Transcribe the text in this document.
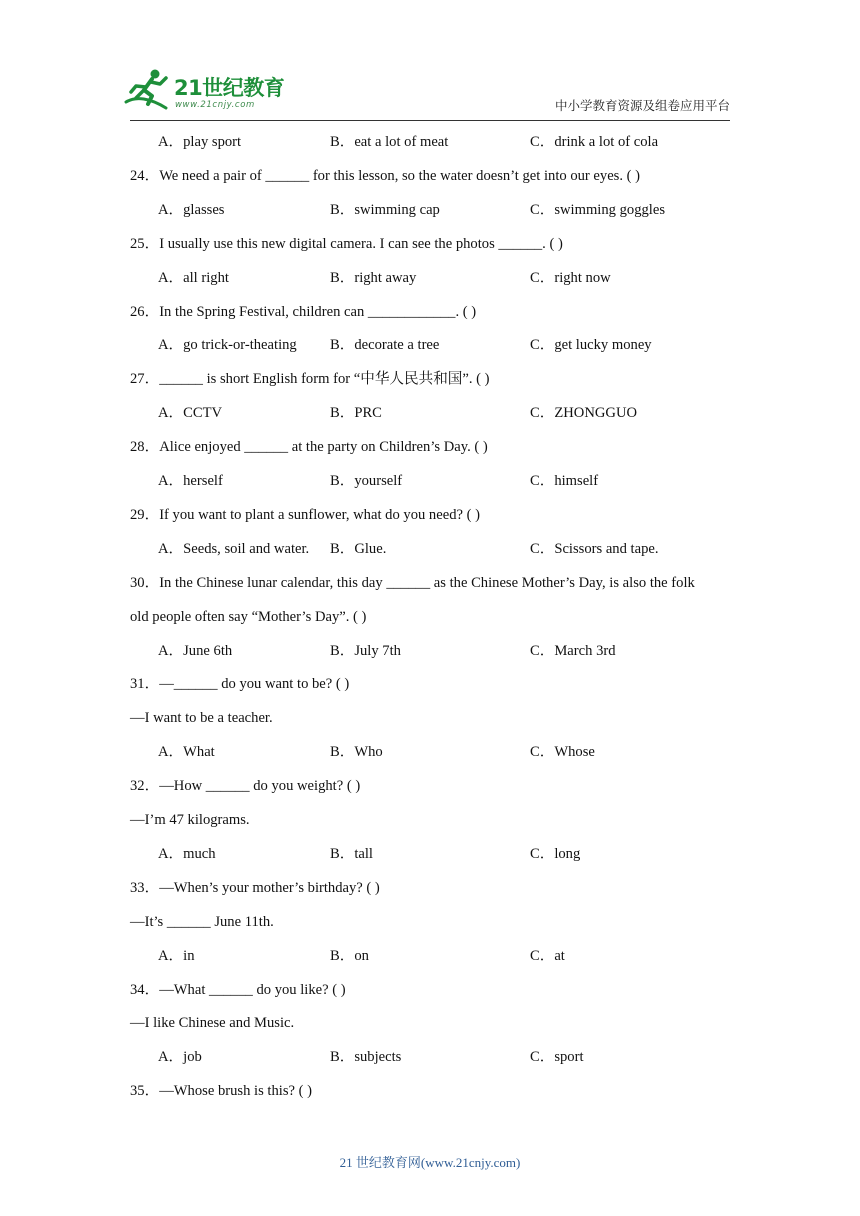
21世纪教育
www.21cnjy.com	中小学教育资源及组卷应用平台
A．play sport	B．eat a lot of meat	C．drink a lot of cola
24．We need a pair of ______ for this lesson, so the water doesn’t get into our eyes. ( )
A．glasses	B．swimming cap	C．swimming goggles
25．I usually use this new digital camera. I can see the photos ______. ( )
A．all right	B．right away	C．right now
26．In the Spring Festival, children can ____________. ( )
A．go trick-or-theating B．decorate a tree	C．get lucky money
27．______ is short English form for “中华人民共和国”. ( )
A．CCTV	B．PRC	C．ZHONGGUO
28．Alice enjoyed ______ at the party on Children’s Day. ( )
A．herself	B．yourself	C．himself
29．If you want to plant a sunflower, what do you need? ( )
A．Seeds, soil and water. B．Glue.	C．Scissors and tape.
30．In the Chinese lunar calendar, this day ______ as the Chinese Mother’s Day, is also the folk
old people often say “Mother’s Day”. ( )
A．June 6th	B．July 7th	C．March 3rd
31．—______ do you want to be? ( )
—I want to be a teacher.
A．What	B．Who	C．Whose
32．—How ______ do you weight? ( )
—I’m 47 kilograms.
A．much	B．tall	C．long
33．—When’s your mother’s birthday? ( )
—It’s ______ June 11th.
A．in	B．on	C．at
34．—What ______ do you like? ( )
—I like Chinese and Music.
A．job	B．subjects	C．sport
35．—Whose brush is this? ( )
21 世纪教育网(www.21cnjy.com)
